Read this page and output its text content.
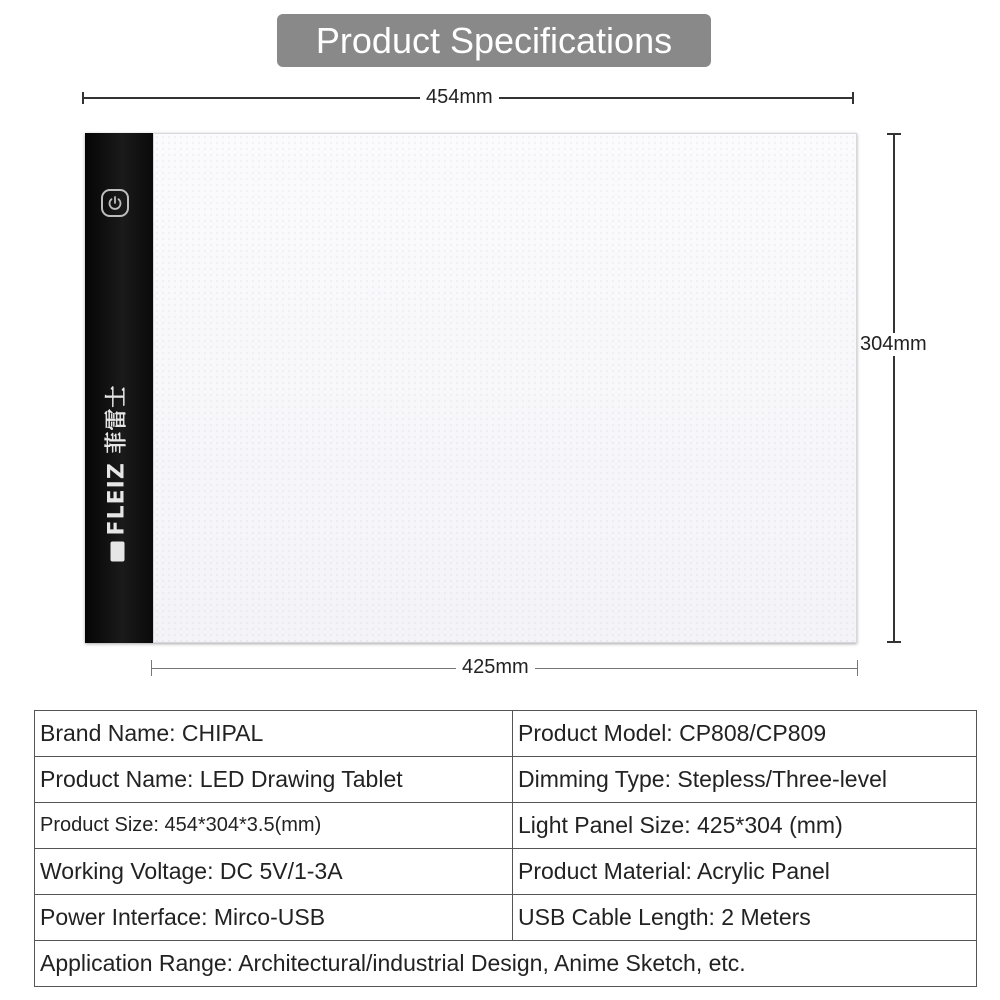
Product Specifications
454mm
304mm
425mm
FLEIZ 菲雷士
Brand Name: CHIPAL	Product Model: CP808/CP809
Product Name: LED Drawing Tablet	Dimming Type: Stepless/Three-level
Product Size: 454*304*3.5(mm)	Light Panel Size: 425*304 (mm)
Working Voltage: DC 5V/1-3A	Product Material: Acrylic Panel
Power Interface: Mirco-USB	USB Cable Length: 2 Meters
Application Range: Architectural/industrial Design, Anime Sketch, etc.	
